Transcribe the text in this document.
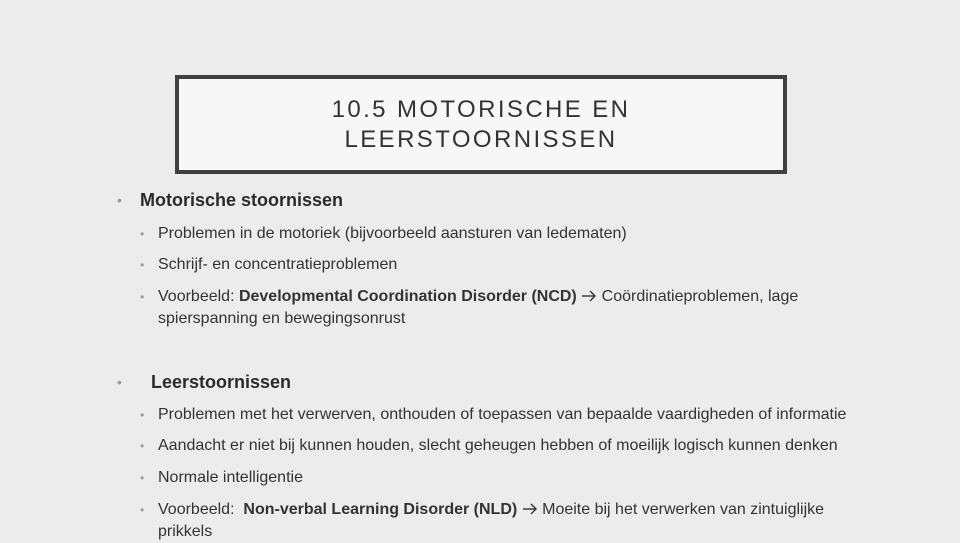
10.5 MOTORISCHE EN
LEERSTOORNISSEN
• Motorische stoornissen
• Problemen in de motoriek (bijvoorbeeld aansturen van ledematen)
• Schrijf- en concentratieproblemen
• Voorbeeld: Developmental Coordination Disorder (NCD) Coördinatieproblemen, lage
spierspanning en bewegingsonrust
• Leerstoornissen
• Problemen met het verwerven, onthouden of toepassen van bepaalde vaardigheden of informatie
• Aandacht er niet bij kunnen houden, slecht geheugen hebben of moeilijk logisch kunnen denken
• Normale intelligentie
• Voorbeeld:  Non-verbal Learning Disorder (NLD) Moeite bij het verwerken van zintuiglijke
prikkels
